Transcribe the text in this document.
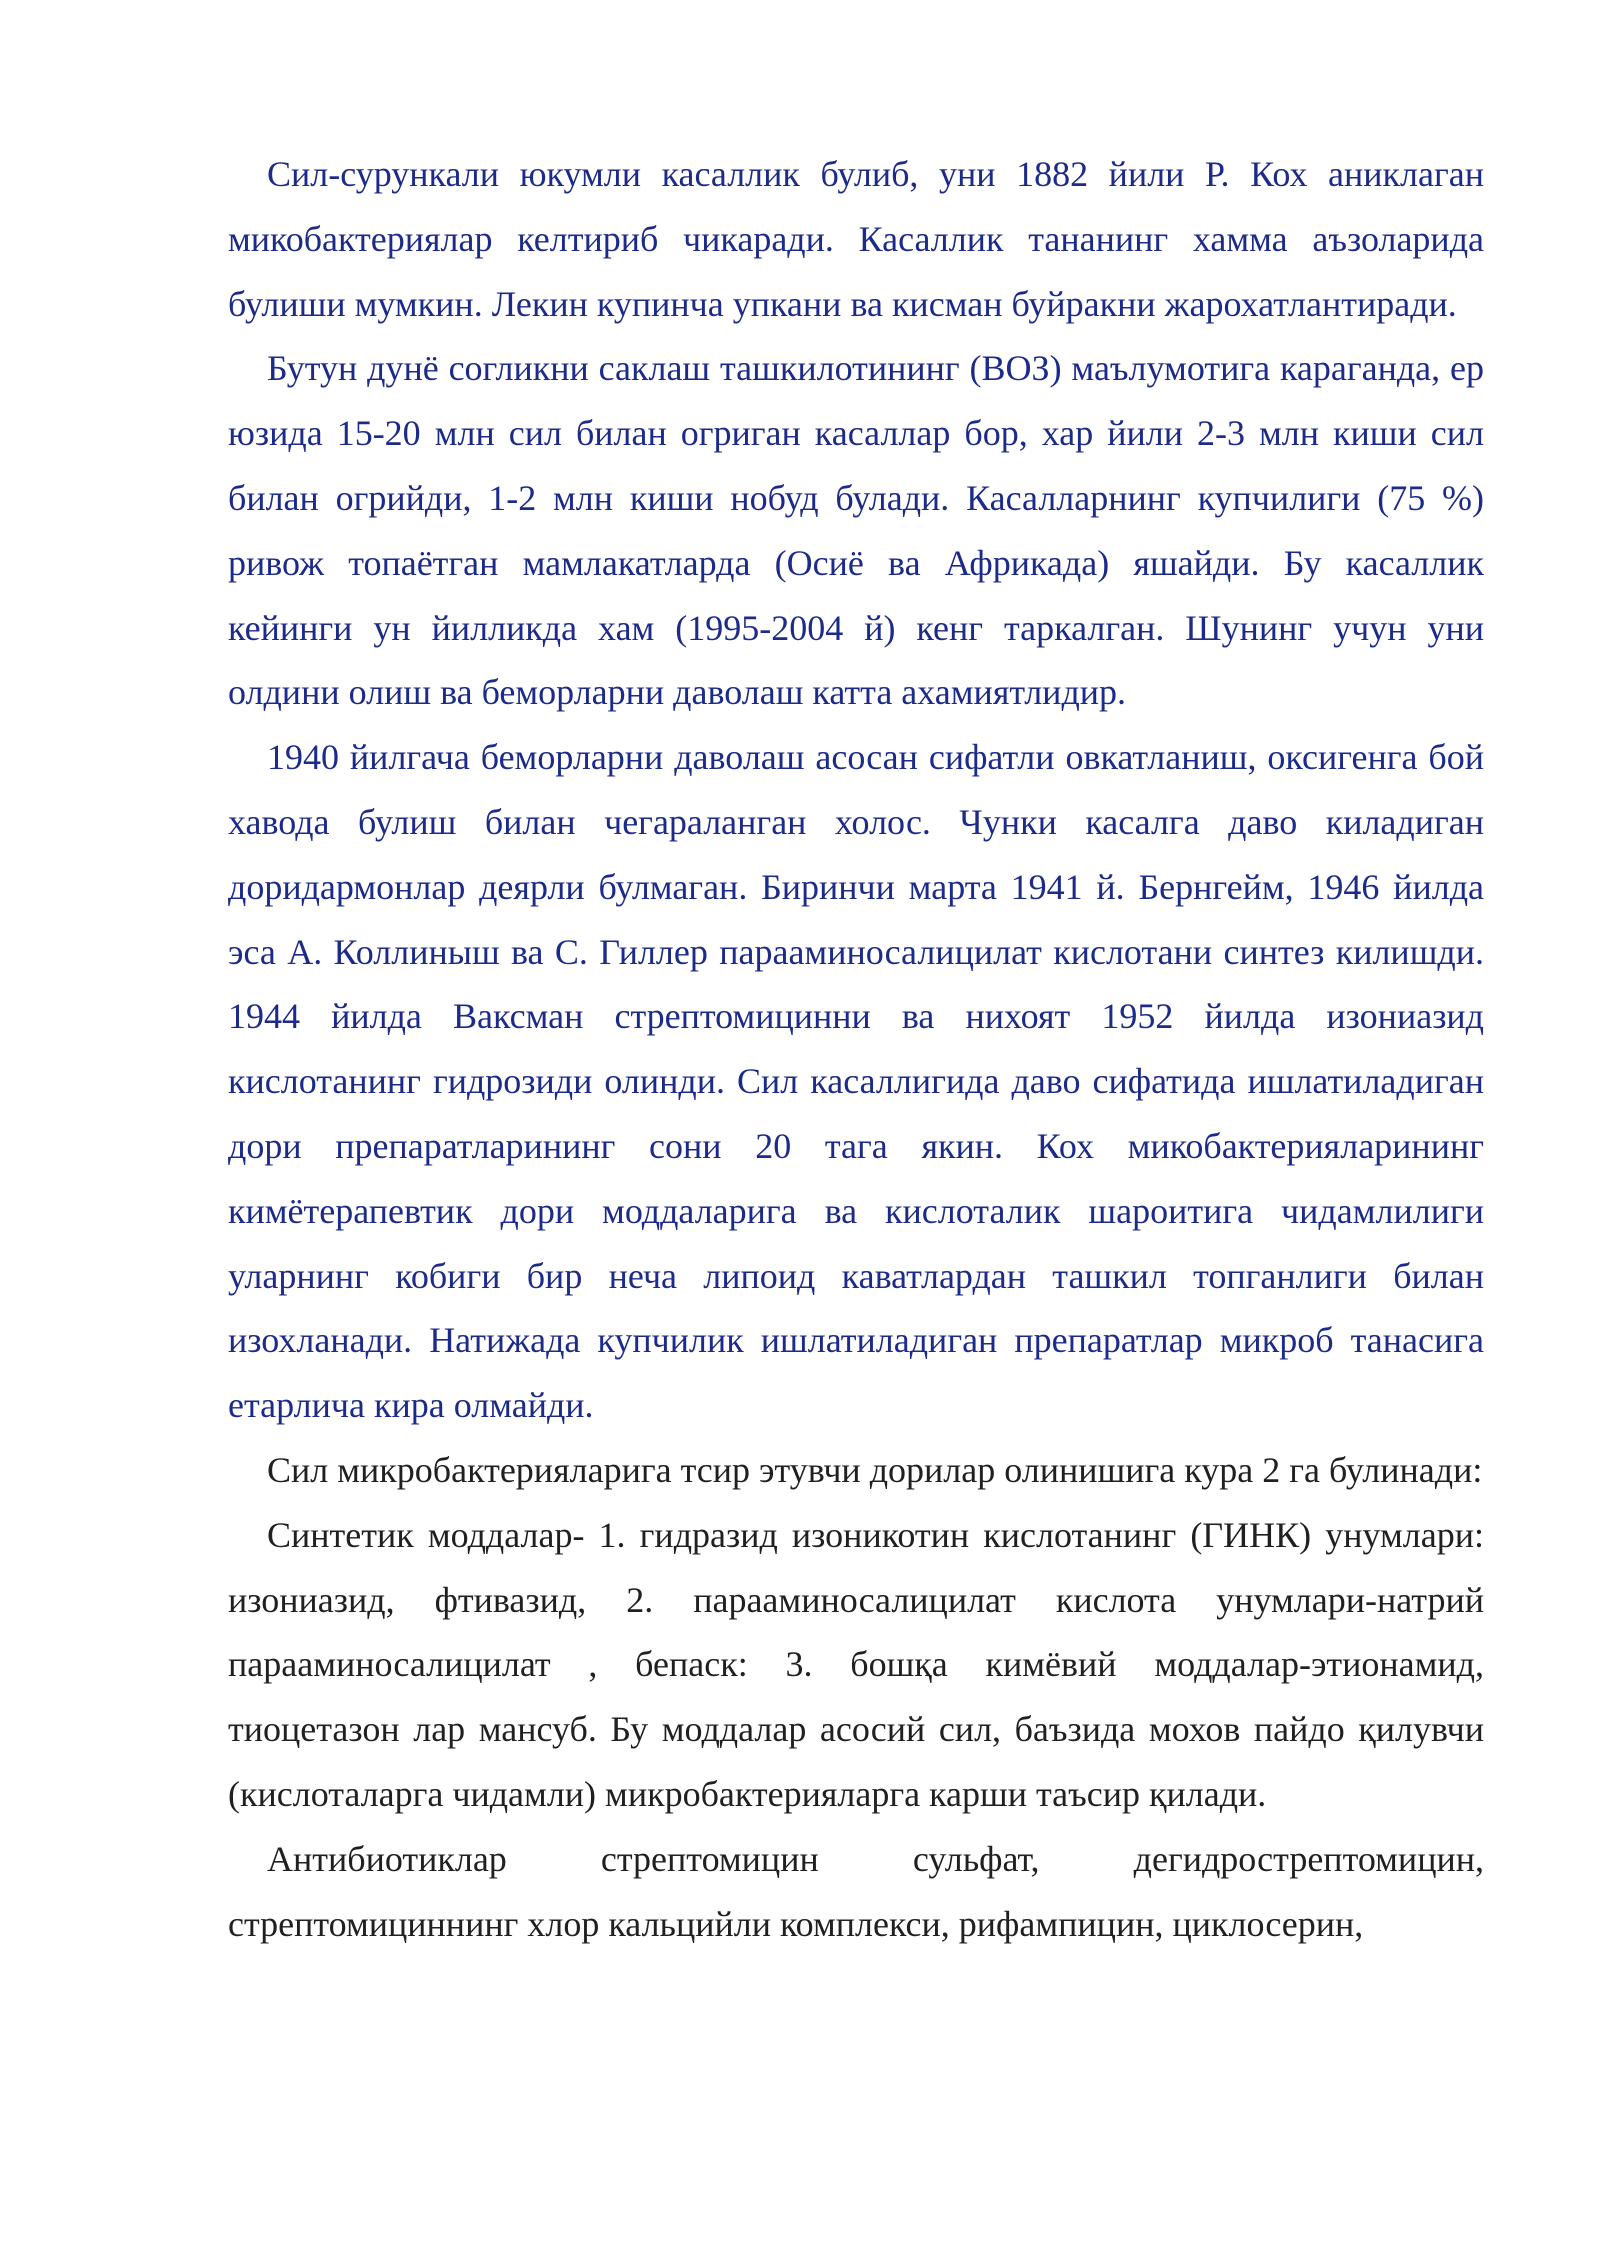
Сил-сурункали юкумли касаллик булиб, уни 1882 йили Р. Кох аниклаган микобактериялар келтириб чикаради. Касаллик тананинг хамма аъзоларида булиши мумкин. Лекин купинча упкани ва кисман буйракни жарохатлантиради.

Бутун дунё согликни саклаш ташкилотининг (ВОЗ) маълумотига караганда, ер юзида 15-20 млн сил билан огриган касаллар бор, хар йили 2-3 млн киши сил билан огрийди, 1-2 млн киши нобуд булади. Касалларнинг купчилиги (75 %) ривож топаётган мамлакатларда (Осиё ва Африкада) яшайди. Бу касаллик кейинги ун йилликда хам (1995-2004 й) кенг таркалган. Шунинг учун уни олдини олиш ва беморларни даволаш катта ахамиятлидир.

1940 йилгача беморларни даволаш асосан сифатли овкатланиш, оксигенга бой хавода булиш билан чегараланган холос. Чунки касалга даво киладиган доридармонлар деярли булмаган. Биринчи марта 1941 й. Бернгейм, 1946 йилда эса А. Коллиныш ва С. Гиллер парааминосалицилат кислотани синтез килишди. 1944 йилда Ваксман стрептомицинни ва нихоят 1952 йилда изониазид кислотанинг гидрозиди олинди. Сил касаллигида даво сифатида ишлатиладиган дори препаратларининг сони 20 тага якин. Кох микобактерияларининг кимётерапевтик дори моддаларига ва кислоталик шароитига чидамлилиги уларнинг кобиги бир неча липоид каватлардан ташкил топганлиги билан изохланади. Натижада купчилик ишлатиладиган препаратлар микроб танасига етарлича кира олмайди.

Сил микробактерияларига тсир этувчи дорилар олинишига кура 2 га булинади:

Синтетик моддалар- 1. гидразид изоникотин кислотанинг (ГИНК) унумлари: изониазид, фтивазид, 2. парааминосалицилат кислота унумлари-натрий парааминосалицилат , бепаск: 3. бошқа кимёвий моддалар-этионамид, тиоцетазон лар мансуб. Бу моддалар асосий сил, баъзида мохов пайдо қилувчи (кислоталарга чидамли) микробактерияларга карши таъсир қилади.

Антибиотиклар стрептомицин сульфат, дегидрострептомицин, стрептомициннинг хлор кальцийли комплекси, рифампицин, циклосерин,
